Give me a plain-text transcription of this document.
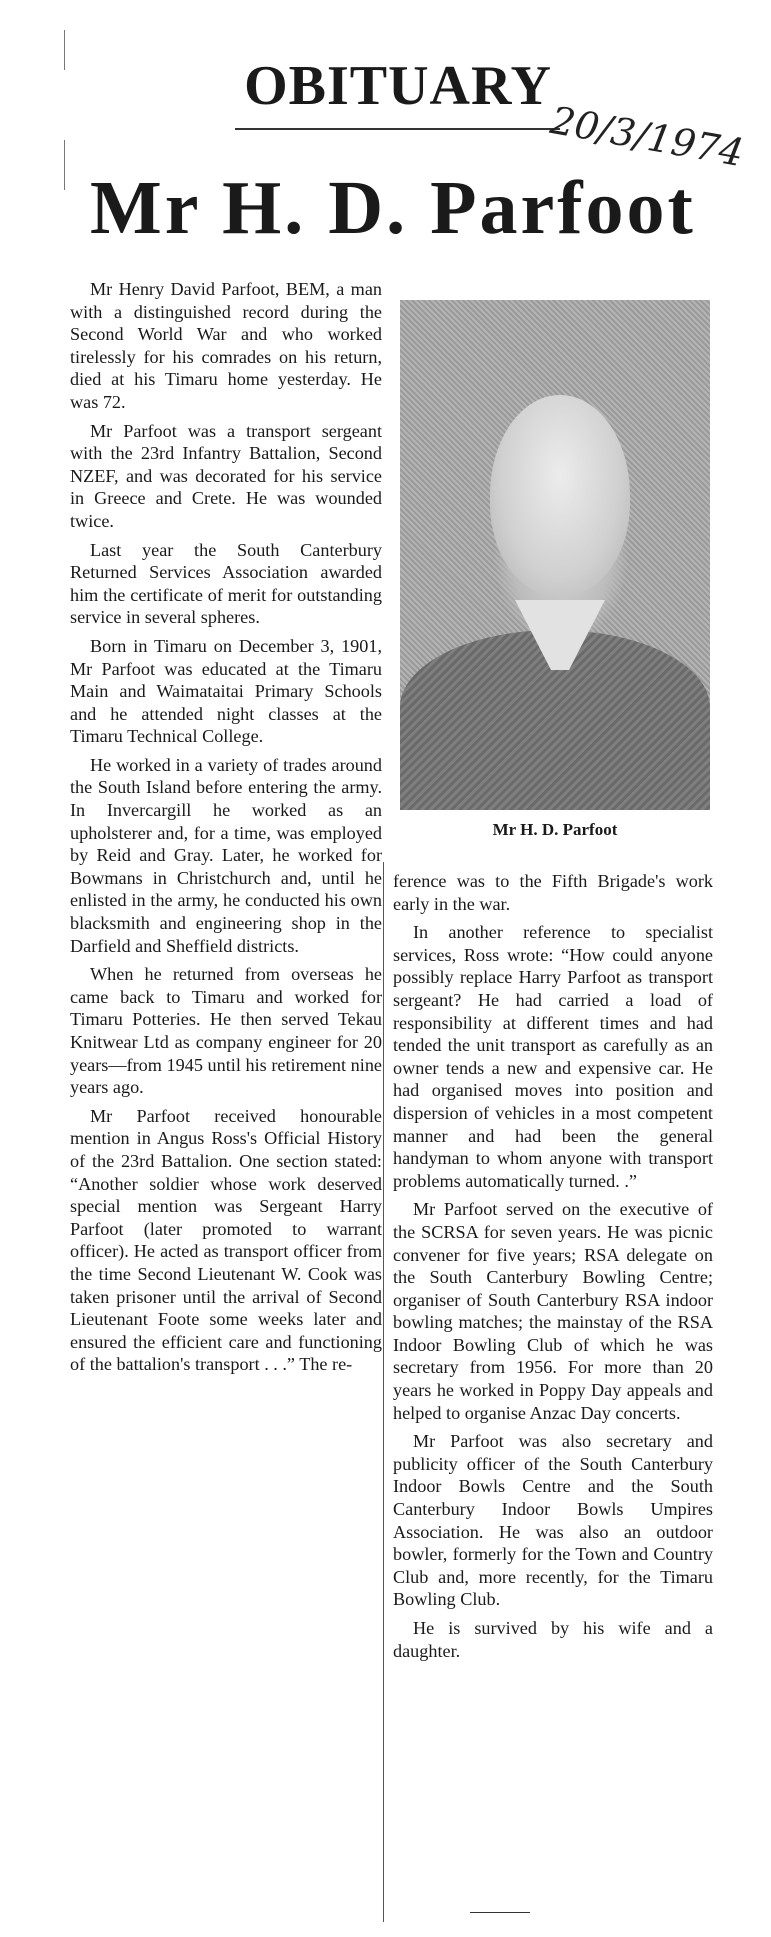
OBITUARY
20/3/1974
Mr H. D. Parfoot

Mr Henry David Parfoot, BEM, a man with a distinguished record during the Second World War and who worked tirelessly for his comrades on his return, died at his Timaru home yesterday. He was 72.

Mr Parfoot was a transport sergeant with the 23rd Infantry Battalion, Second NZEF, and was decorated for his service in Greece and Crete. He was wounded twice.

Last year the South Canterbury Returned Services Association awarded him the certificate of merit for outstanding service in several spheres.

Born in Timaru on December 3, 1901, Mr Parfoot was educated at the Timaru Main and Waimataitai Primary Schools and he attended night classes at the Timaru Technical College.

He worked in a variety of trades around the South Island before entering the army. In Invercargill he worked as an upholsterer and, for a time, was employed by Reid and Gray. Later, he worked for Bowmans in Christchurch and, until he enlisted in the army, he conducted his own blacksmith and engineering shop in the Darfield and Sheffield districts.

When he returned from overseas he came back to Timaru and worked for Timaru Potteries. He then served Tekau Knitwear Ltd as company engineer for 20 years—from 1945 until his retirement nine years ago.

Mr Parfoot received honourable mention in Angus Ross's Official History of the 23rd Battalion. One section stated: “Another soldier whose work deserved special mention was Sergeant Harry Parfoot (later promoted to warrant officer). He acted as transport officer from the time Second Lieutenant W. Cook was taken prisoner until the arrival of Second Lieutenant Foote some weeks later and ensured the efficient care and functioning of the battalion's transport . . .” The re-

Mr H. D. Parfoot

ference was to the Fifth Brigade's work early in the war.

In another reference to specialist services, Ross wrote: “How could anyone possibly replace Harry Parfoot as transport sergeant? He had carried a load of responsibility at different times and had tended the unit transport as carefully as an owner tends a new and expensive car. He had organised moves into position and dispersion of vehicles in a most competent manner and had been the general handyman to whom anyone with transport problems automatically turned. .”

Mr Parfoot served on the executive of the SCRSA for seven years. He was picnic convener for five years; RSA delegate on the South Canterbury Bowling Centre; organiser of South Canterbury RSA indoor bowling matches; the mainstay of the RSA Indoor Bowling Club of which he was secretary from 1956. For more than 20 years he worked in Poppy Day appeals and helped to organise Anzac Day concerts.

Mr Parfoot was also secretary and publicity officer of the South Canterbury Indoor Bowls Centre and the South Canterbury Indoor Bowls Umpires Association. He was also an outdoor bowler, formerly for the Town and Country Club and, more recently, for the Timaru Bowling Club.

He is survived by his wife and a daughter.
